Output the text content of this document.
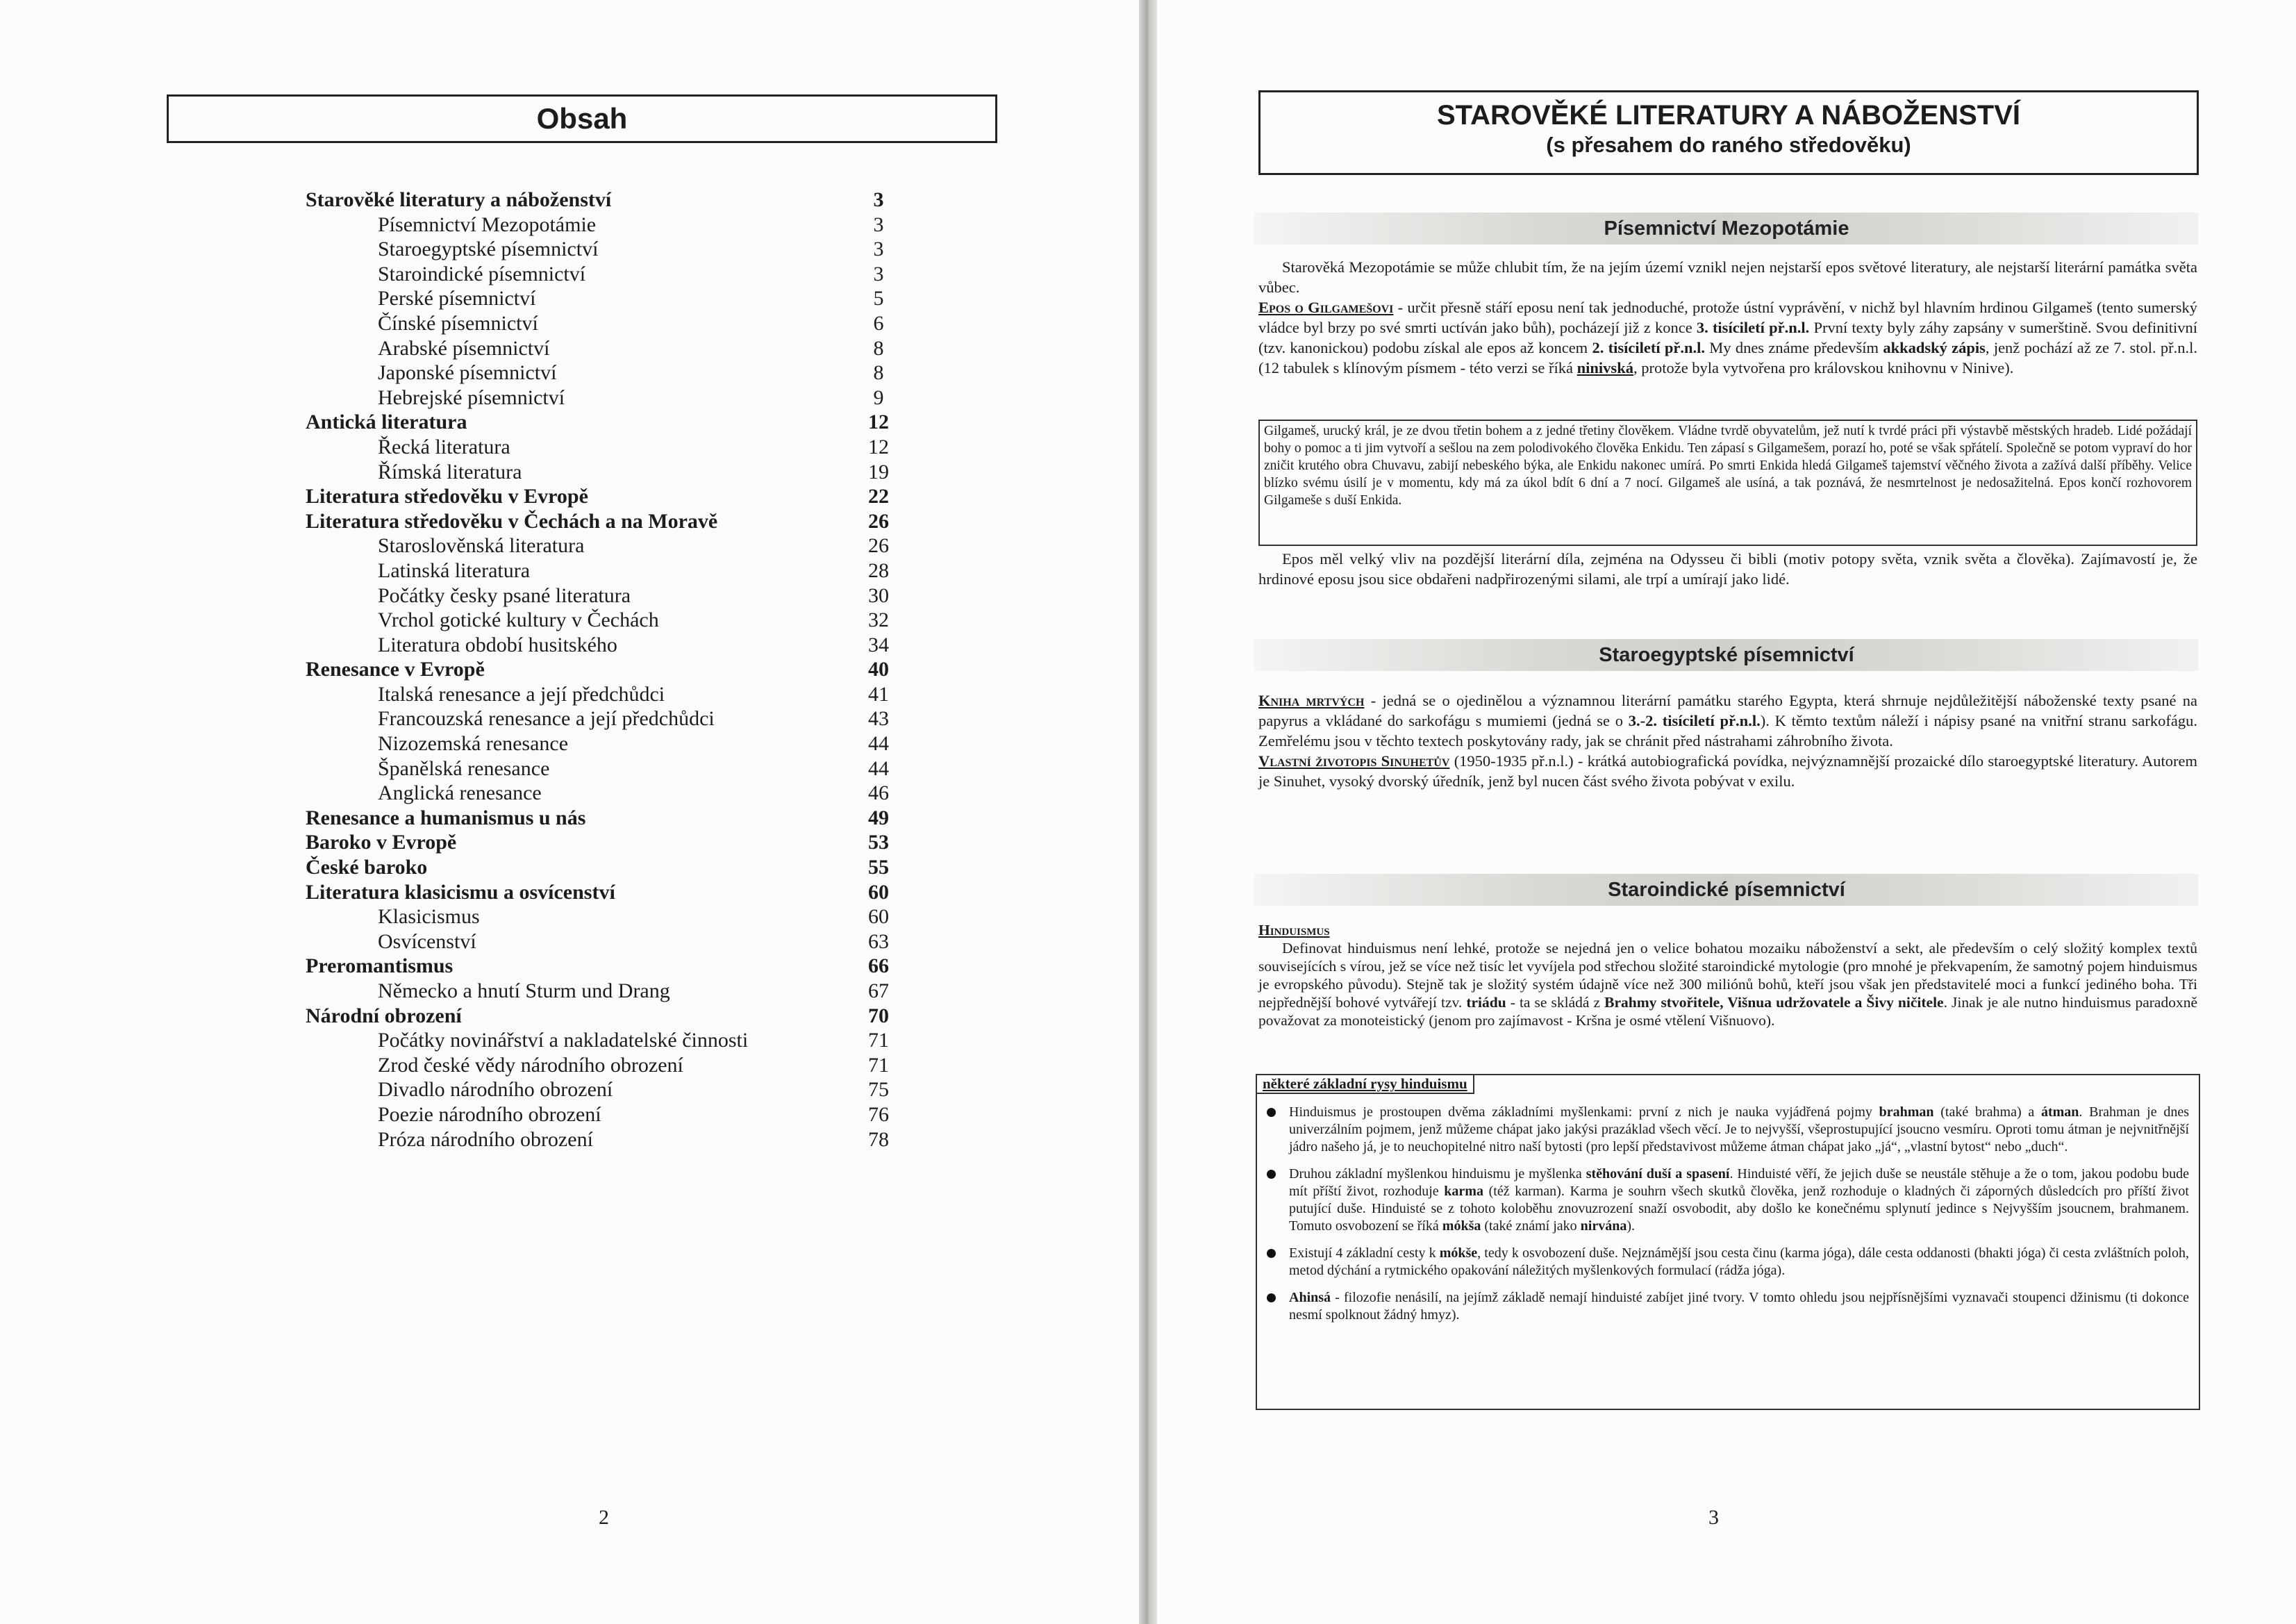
Obsah
Starověké literatury a náboženství	3
Písemnictví Mezopotámie	3
Staroegyptské písemnictví	3
Staroindické písemnictví	3
Perské písemnictví	5
Čínské písemnictví	6
Arabské písemnictví	8
Japonské písemnictví	8
Hebrejské písemnictví	9
Antická literatura	12
Řecká literatura	12
Římská literatura	19
Literatura středověku v Evropě	22
Literatura středověku v Čechách a na Moravě	26
Staroslověnská literatura	26
Latinská literatura	28
Počátky česky psané literatura	30
Vrchol gotické kultury v Čechách	32
Literatura období husitského	34
Renesance v Evropě	40
Italská renesance a její předchůdci	41
Francouzská renesance a její předchůdci	43
Nizozemská renesance	44
Španělská renesance	44
Anglická renesance	46
Renesance a humanismus u nás	49
Baroko v Evropě	53
České baroko	55
Literatura klasicismu a osvícenství	60
Klasicismus	60
Osvícenství	63
Preromantismus	66
Německo a hnutí Sturm und Drang	67
Národní obrození	70
Počátky novinářství a nakladatelské činnosti	71
Zrod české vědy národního obrození	71
Divadlo národního obrození	75
Poezie národního obrození	76
Próza národního obrození	78
2
STAROVĚKÉ LITERATURY A NÁBOŽENSTVÍ
(s přesahem do raného středověku)
Písemnictví Mezopotámie

Starověká Mezopotámie se může chlubit tím, že na jejím území vznikl nejen nejstarší epos světové literatury, ale nejstarší literární památka světa vůbec.

Epos o Gilgamešovi - určit přesně stáří eposu není tak jednoduché, protože ústní vyprávění, v nichž byl hlavním hrdinou Gilgameš (tento sumerský vládce byl brzy po své smrti uctíván jako bůh), pocházejí již z konce 3. tisíciletí př.n.l. První texty byly záhy zapsány v sumerštině. Svou definitivní (tzv. kanonickou) podobu získal ale epos až koncem 2. tisíciletí př.n.l. My dnes známe především akkadský zápis, jenž pochází až ze 7. stol. př.n.l. (12 tabulek s klínovým písmem - této verzi se říká ninivská, protože byla vytvořena pro královskou knihovnu v Ninive).

Gilgameš, urucký král, je ze dvou třetin bohem a z jedné třetiny člověkem. Vládne tvrdě obyvatelům, jež nutí k tvrdé práci při výstavbě městských hradeb. Lidé požádají bohy o pomoc a ti jim vytvoří a sešlou na zem polodivokého člověka Enkidu. Ten zápasí s Gilgamešem, porazí ho, poté se však spřátelí. Společně se potom vypraví do hor zničit krutého obra Chuvavu, zabijí nebeského býka, ale Enkidu nakonec umírá. Po smrti Enkida hledá Gilgameš tajemství věčného života a zažívá další příběhy. Velice blízko svému úsilí je v momentu, kdy má za úkol bdít 6 dní a 7 nocí. Gilgameš ale usíná, a tak poznává, že nesmrtelnost je nedosažitelná. Epos končí rozhovorem Gilgameše s duší Enkida.
Epos měl velký vliv na pozdější literární díla, zejména na Odysseu či bibli (motiv potopy světa, vznik světa a člověka). Zajímavostí je, že hrdinové eposu jsou sice obdařeni nadpřirozenými silami, ale trpí a umírají jako lidé.
Staroegyptské písemnictví

Kniha mrtvých - jedná se o ojedinělou a významnou literární památku starého Egypta, která shrnuje nejdůležitější náboženské texty psané na papyrus a vkládané do sarkofágu s mumiemi (jedná se o 3.-2. tisíciletí př.n.l.). K těmto textům náleží i nápisy psané na vnitřní stranu sarkofágu. Zemřelému jsou v těchto textech poskytovány rady, jak se chránit před nástrahami záhrobního života.

Vlastní životopis Sinuhetův (1950-1935 př.n.l.) - krátká autobiografická povídka, nejvýznamnější prozaické dílo staroegyptské literatury. Autorem je Sinuhet, vysoký dvorský úředník, jenž byl nucen část svého života pobývat v exilu.

Staroindické písemnictví

Hinduismus

Definovat hinduismus není lehké, protože se nejedná jen o velice bohatou mozaiku náboženství a sekt, ale především o celý složitý komplex textů souvisejících s vírou, jež se více než tisíc let vyvíjela pod střechou složité staroindické mytologie (pro mnohé je překvapením, že samotný pojem hinduismus je evropského původu). Stejně tak je složitý systém údajně více než 300 miliónů bohů, kteří jsou však jen představitelé moci a funkcí jediného boha. Tři nejpřednější bohové vytvářejí tzv. triádu - ta se skládá z Brahmy stvořitele, Višnua udržovatele a Šivy ničitele. Jinak je ale nutno hinduismus paradoxně považovat za monoteistický (jenom pro zajímavost - Kršna je osmé vtělení Višnuovo).

některé základní rysy hinduismu
Hinduismus je prostoupen dvěma základními myšlenkami: první z nich je nauka vyjádřená pojmy brahman (také brahma) a átman. Brahman je dnes univerzálním pojmem, jenž můžeme chápat jako jakýsi prazáklad všech věcí. Je to nejvyšší, všeprostupující jsoucno vesmíru. Oproti tomu átman je nejvnitřnější jádro našeho já, je to neuchopitelné nitro naší bytosti (pro lepší představivost můžeme átman chápat jako „já“, „vlastní bytost“ nebo „duch“.
Druhou základní myšlenkou hinduismu je myšlenka stěhování duší a spasení. Hinduisté věří, že jejich duše se neustále stěhuje a že o tom, jakou podobu bude mít příští život, rozhoduje karma (též karman). Karma je souhrn všech skutků člověka, jenž rozhoduje o kladných či záporných důsledcích pro příští život putující duše. Hinduisté se z tohoto koloběhu znovuzrození snaží osvobodit, aby došlo ke konečnému splynutí jedince s Nejvyšším jsoucnem, brahmanem. Tomuto osvobození se říká mókša (také známí jako nirvána).
Existují 4 základní cesty k mókše, tedy k osvobození duše. Nejznámější jsou cesta činu (karma jóga), dále cesta oddanosti (bhakti jóga) či cesta zvláštních poloh, metod dýchání a rytmického opakování náležitých myšlenkových formulací (rádža jóga).
Ahinsá - filozofie nenásilí, na jejímž základě nemají hinduisté zabíjet jiné tvory. V tomto ohledu jsou nejpřísnějšími vyznavači stoupenci džinismu (ti dokonce nesmí spolknout žádný hmyz).
3
